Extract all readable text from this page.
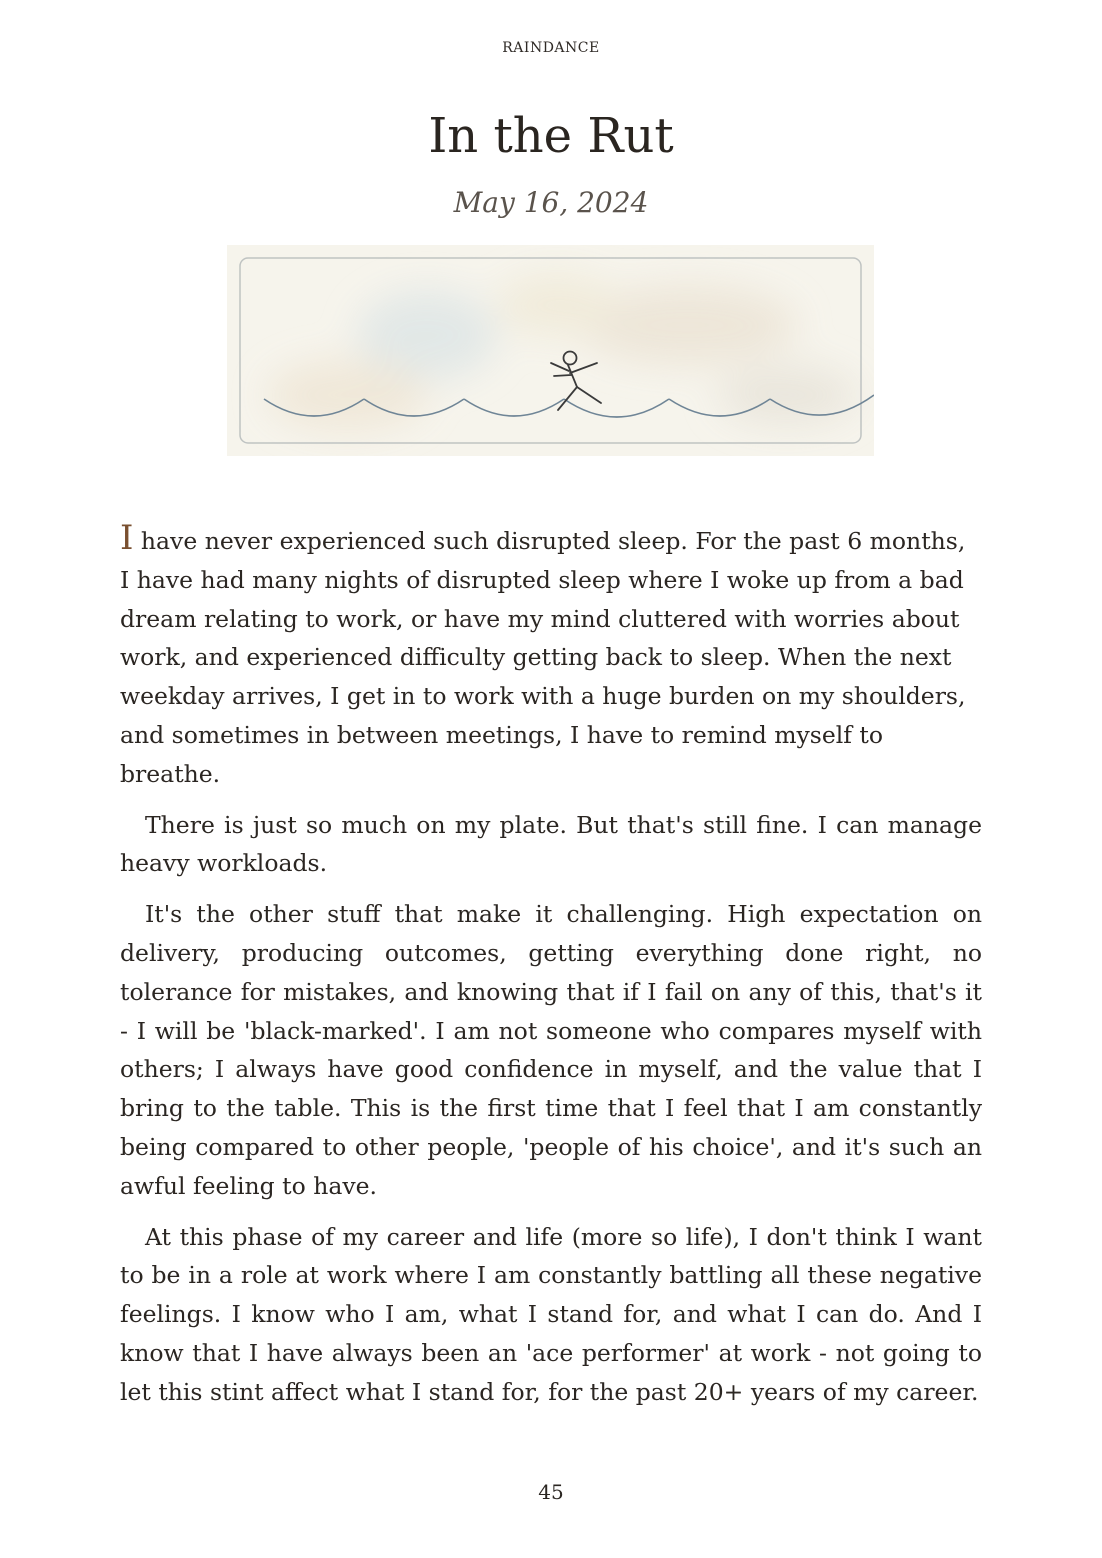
RAINDANCE
In the Rut
May 16, 2024

I have never experienced such disrupted sleep. For the past 6 months, I have had many nights of disrupted sleep where I woke up from a bad dream relating to work, or have my mind cluttered with worries about work, and experienced difficulty getting back to sleep. When the next weekday arrives, I get in to work with a huge burden on my shoulders, and sometimes in between meetings, I have to remind myself to breathe.

There is just so much on my plate. But that's still fine. I can manage heavy workloads.

It's the other stuff that make it challenging. High expectation on delivery, producing outcomes, getting everything done right, no tolerance for mistakes, and knowing that if I fail on any of this, that's it - I will be 'black-marked'. I am not someone who compares myself with others; I always have good confidence in myself, and the value that I bring to the table. This is the first time that I feel that I am constantly being compared to other people, 'people of his choice', and it's such an awful feeling to have.

At this phase of my career and life (more so life), I don't think I want to be in a role at work where I am constantly battling all these negative feelings. I know who I am, what I stand for, and what I can do. And I know that I have always been an 'ace performer' at work - not going to let this stint affect what I stand for, for the past 20+ years of my career.

45
